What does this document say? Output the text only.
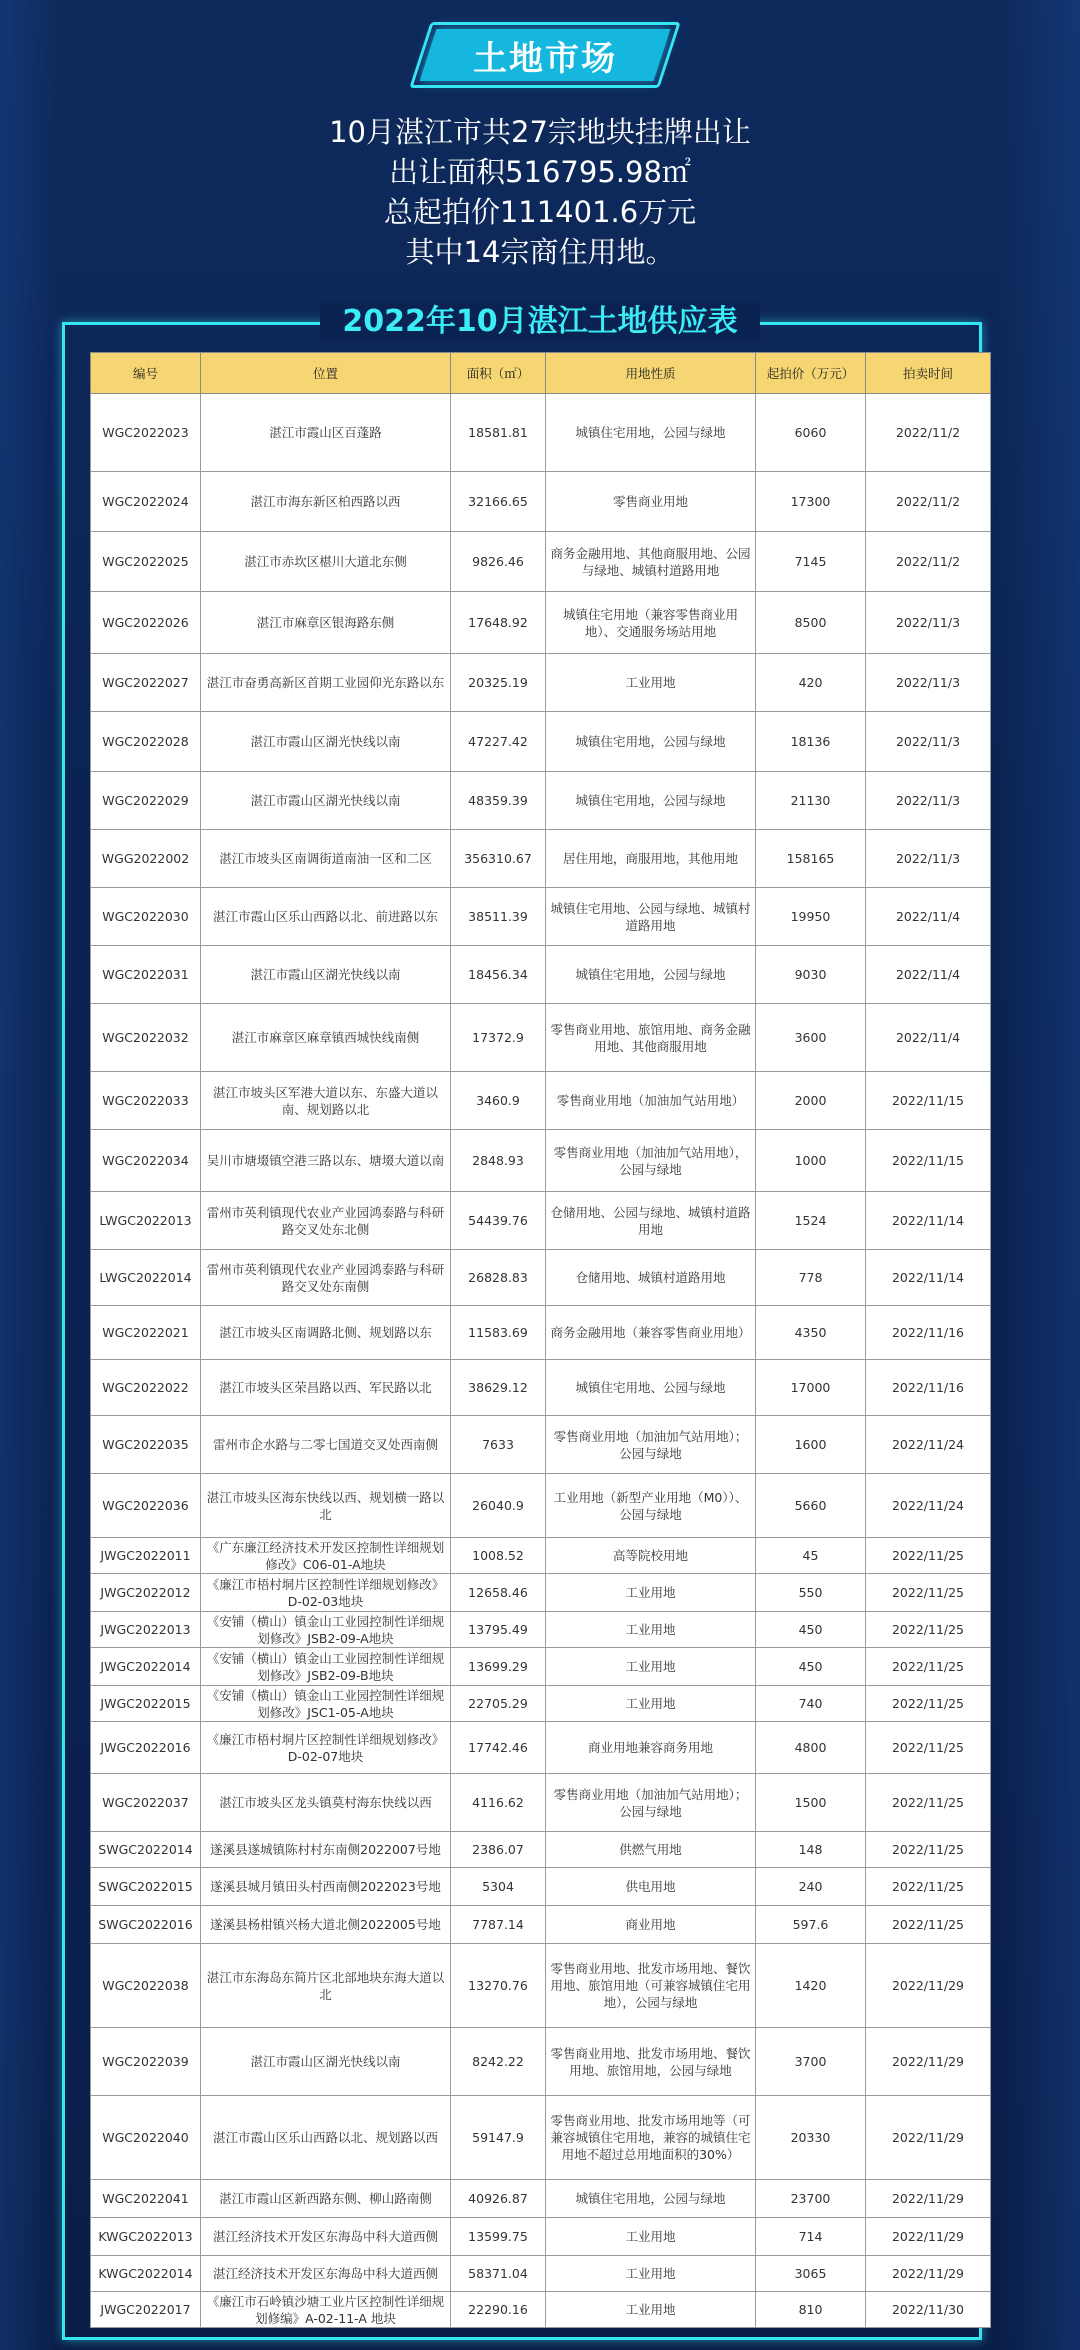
土地市场
10月湛江市共27宗地块挂牌出让
出让面积516795.98㎡
总起拍价111401.6万元
其中14宗商住用地。
2022年10月湛江土地供应表
编号	位置	面积（㎡）	用地性质	起拍价（万元）	拍卖时间
WGC2022023	湛江市霞山区百蓬路	18581.81	城镇住宅用地，公园与绿地	6060	2022/11/2
WGC2022024	湛江市海东新区柏西路以西	32166.65	零售商业用地	17300	2022/11/2
WGC2022025	湛江市赤坎区椹川大道北东侧	9826.46	商务金融用地、其他商服用地、公园与绿地、城镇村道路用地	7145	2022/11/2
WGC2022026	湛江市麻章区银海路东侧	17648.92	城镇住宅用地（兼容零售商业用地）、交通服务场站用地	8500	2022/11/3
WGC2022027	湛江市奋勇高新区首期工业园仰光东路以东	20325.19	工业用地	420	2022/11/3
WGC2022028	湛江市霞山区湖光快线以南	47227.42	城镇住宅用地，公园与绿地	18136	2022/11/3
WGC2022029	湛江市霞山区湖光快线以南	48359.39	城镇住宅用地，公园与绿地	21130	2022/11/3
WGG2022002	湛江市坡头区南调街道南油一区和二区	356310.67	居住用地，商服用地，其他用地	158165	2022/11/3
WGC2022030	湛江市霞山区乐山西路以北、前进路以东	38511.39	城镇住宅用地、公园与绿地、城镇村道路用地	19950	2022/11/4
WGC2022031	湛江市霞山区湖光快线以南	18456.34	城镇住宅用地，公园与绿地	9030	2022/11/4
WGC2022032	湛江市麻章区麻章镇西城快线南侧	17372.9	零售商业用地、旅馆用地、商务金融用地、其他商服用地	3600	2022/11/4
WGC2022033	湛江市坡头区军港大道以东、东盛大道以南、规划路以北	3460.9	零售商业用地（加油加气站用地）	2000	2022/11/15
WGC2022034	吴川市塘㙍镇空港三路以东、塘㙍大道以南	2848.93	零售商业用地（加油加气站用地），公园与绿地	1000	2022/11/15
LWGC2022013	雷州市英利镇现代农业产业园鸿泰路与科研路交叉处东北侧	54439.76	仓储用地、公园与绿地、城镇村道路用地	1524	2022/11/14
LWGC2022014	雷州市英利镇现代农业产业园鸿泰路与科研路交叉处东南侧	26828.83	仓储用地、城镇村道路用地	778	2022/11/14
WGC2022021	湛江市坡头区南调路北侧、规划路以东	11583.69	商务金融用地（兼容零售商业用地）	4350	2022/11/16
WGC2022022	湛江市坡头区荣昌路以西、军民路以北	38629.12	城镇住宅用地、公园与绿地	17000	2022/11/16
WGC2022035	雷州市企水路与二零七国道交叉处西南侧	7633	零售商业用地（加油加气站用地）；公园与绿地	1600	2022/11/24
WGC2022036	湛江市坡头区海东快线以西、规划横一路以北	26040.9	工业用地（新型产业用地（M0））、公园与绿地	5660	2022/11/24
JWGC2022011	《广东廉江经济技术开发区控制性详细规划修改》C06-01-A地块	1008.52	高等院校用地	45	2022/11/25
JWGC2022012	《廉江市梧村垌片区控制性详细规划修改》D-02-03地块	12658.46	工业用地	550	2022/11/25
JWGC2022013	《安铺（横山）镇金山工业园控制性详细规划修改》JSB2-09-A地块	13795.49	工业用地	450	2022/11/25
JWGC2022014	《安铺（横山）镇金山工业园控制性详细规划修改》JSB2-09-B地块	13699.29	工业用地	450	2022/11/25
JWGC2022015	《安铺（横山）镇金山工业园控制性详细规划修改》JSC1-05-A地块	22705.29	工业用地	740	2022/11/25
JWGC2022016	《廉江市梧村垌片区控制性详细规划修改》D-02-07地块	17742.46	商业用地兼容商务用地	4800	2022/11/25
WGC2022037	湛江市坡头区龙头镇莫村海东快线以西	4116.62	零售商业用地（加油加气站用地）；公园与绿地	1500	2022/11/25
SWGC2022014	遂溪县遂城镇陈村村东南侧2022007号地	2386.07	供燃气用地	148	2022/11/25
SWGC2022015	遂溪县城月镇田头村西南侧2022023号地	5304	供电用地	240	2022/11/25
SWGC2022016	遂溪县杨柑镇兴杨大道北侧2022005号地	7787.14	商业用地	597.6	2022/11/25
WGC2022038	湛江市东海岛东简片区北部地块东海大道以北	13270.76	零售商业用地、批发市场用地、餐饮用地、旅馆用地（可兼容城镇住宅用地），公园与绿地	1420	2022/11/29
WGC2022039	湛江市霞山区湖光快线以南	8242.22	零售商业用地、批发市场用地、餐饮用地、旅馆用地，公园与绿地	3700	2022/11/29
WGC2022040	湛江市霞山区乐山西路以北、规划路以西	59147.9	零售商业用地、批发市场用地等（可兼容城镇住宅用地，兼容的城镇住宅用地不超过总用地面积的30%）	20330	2022/11/29
WGC2022041	湛江市霞山区新西路东侧、柳山路南侧	40926.87	城镇住宅用地，公园与绿地	23700	2022/11/29
KWGC2022013	湛江经济技术开发区东海岛中科大道西侧	13599.75	工业用地	714	2022/11/29
KWGC2022014	湛江经济技术开发区东海岛中科大道西侧	58371.04	工业用地	3065	2022/11/29
JWGC2022017	《廉江市石岭镇沙塘工业片区控制性详细规划修编》A-02-11-A 地块	22290.16	工业用地	810	2022/11/30
